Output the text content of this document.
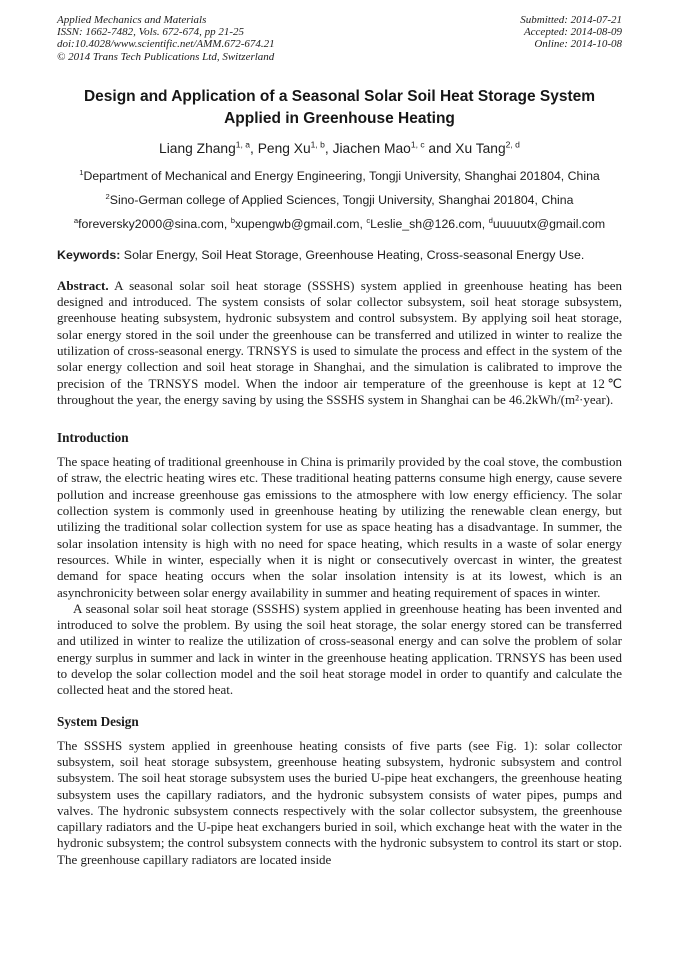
Applied Mechanics and Materials
ISSN: 1662-7482, Vols. 672-674, pp 21-25
doi:10.4028/www.scientific.net/AMM.672-674.21
© 2014 Trans Tech Publications Ltd, Switzerland
Submitted: 2014-07-21
Accepted: 2014-08-09
Online: 2014-10-08
Design and Application of a Seasonal Solar Soil Heat Storage System
Applied in Greenhouse Heating
Liang Zhang$^{1, a}$, Peng Xu$^{1, b}$, Jiachen Mao$^{1, c}$ and Xu Tang$^{2, d}$
$^1$Department of Mechanical and Energy Engineering, Tongji University, Shanghai 201804, China
$^2$Sino-German college of Applied Sciences, Tongji University, Shanghai 201804, China
$^a$foreversky2000@sina.com, $^b$xupengwb@gmail.com, $^c$Leslie_sh@126.com, $^d$uuuuutx@gmail.com
Keywords: Solar Energy, Soil Heat Storage, Greenhouse Heating, Cross-seasonal Energy Use.

Abstract. A seasonal solar soil heat storage (SSSHS) system applied in greenhouse heating has been designed and introduced. The system consists of solar collector subsystem, soil heat storage subsystem, greenhouse heating subsystem, hydronic subsystem and control subsystem. By applying soil heat storage, solar energy stored in the soil under the greenhouse can be transferred and utilized in winter to realize the utilization of cross-seasonal energy. TRNSYS is used to simulate the process and effect in the system of the solar energy collection and soil heat storage in Shanghai, and the simulation is calibrated to improve the precision of the TRNSYS model. When the indoor air temperature of the greenhouse is kept at 12℃ throughout the year, the energy saving by using the SSSHS system in Shanghai can be 46.2kWh/(m²·year).

Introduction

The space heating of traditional greenhouse in China is primarily provided by the coal stove, the combustion of straw, the electric heating wires etc. These traditional heating patterns consume high energy, cause severe pollution and increase greenhouse gas emissions to the atmosphere with low energy efficiency. The solar collection system is commonly used in greenhouse heating by utilizing the renewable clean energy, but utilizing the traditional solar collection system for use as space heating has a disadvantage. In summer, the solar insolation intensity is high with no need for space heating, which results in a waste of solar energy resources. While in winter, especially when it is night or consecutively overcast in winter, the greatest demand for space heating occurs when the solar insolation intensity is at its lowest, which is an asynchronicity between solar energy availability in summer and heating requirement of spaces in winter.

A seasonal solar soil heat storage (SSSHS) system applied in greenhouse heating has been invented and introduced to solve the problem. By using the soil heat storage, the solar energy stored can be transferred and utilized in winter to realize the utilization of cross-seasonal energy and can solve the problem of solar energy surplus in summer and lack in winter in the greenhouse heating application. TRNSYS has been used to develop the solar collection model and the soil heat storage model in order to quantify and calculate the collected heat and the stored heat.

System Design

The SSSHS system applied in greenhouse heating consists of five parts (see Fig. 1): solar collector subsystem, soil heat storage subsystem, greenhouse heating subsystem, hydronic subsystem and control subsystem. The soil heat storage subsystem uses the buried U-pipe heat exchangers, the greenhouse heating subsystem uses the capillary radiators, and the hydronic subsystem consists of water pipes, pumps and valves. The hydronic subsystem connects respectively with the solar collector subsystem, the greenhouse capillary radiators and the U-pipe heat exchangers buried in soil, which exchange heat with the water in the hydronic subsystem; the control subsystem connects with the hydronic subsystem to control its start or stop. The greenhouse capillary radiators are located inside
